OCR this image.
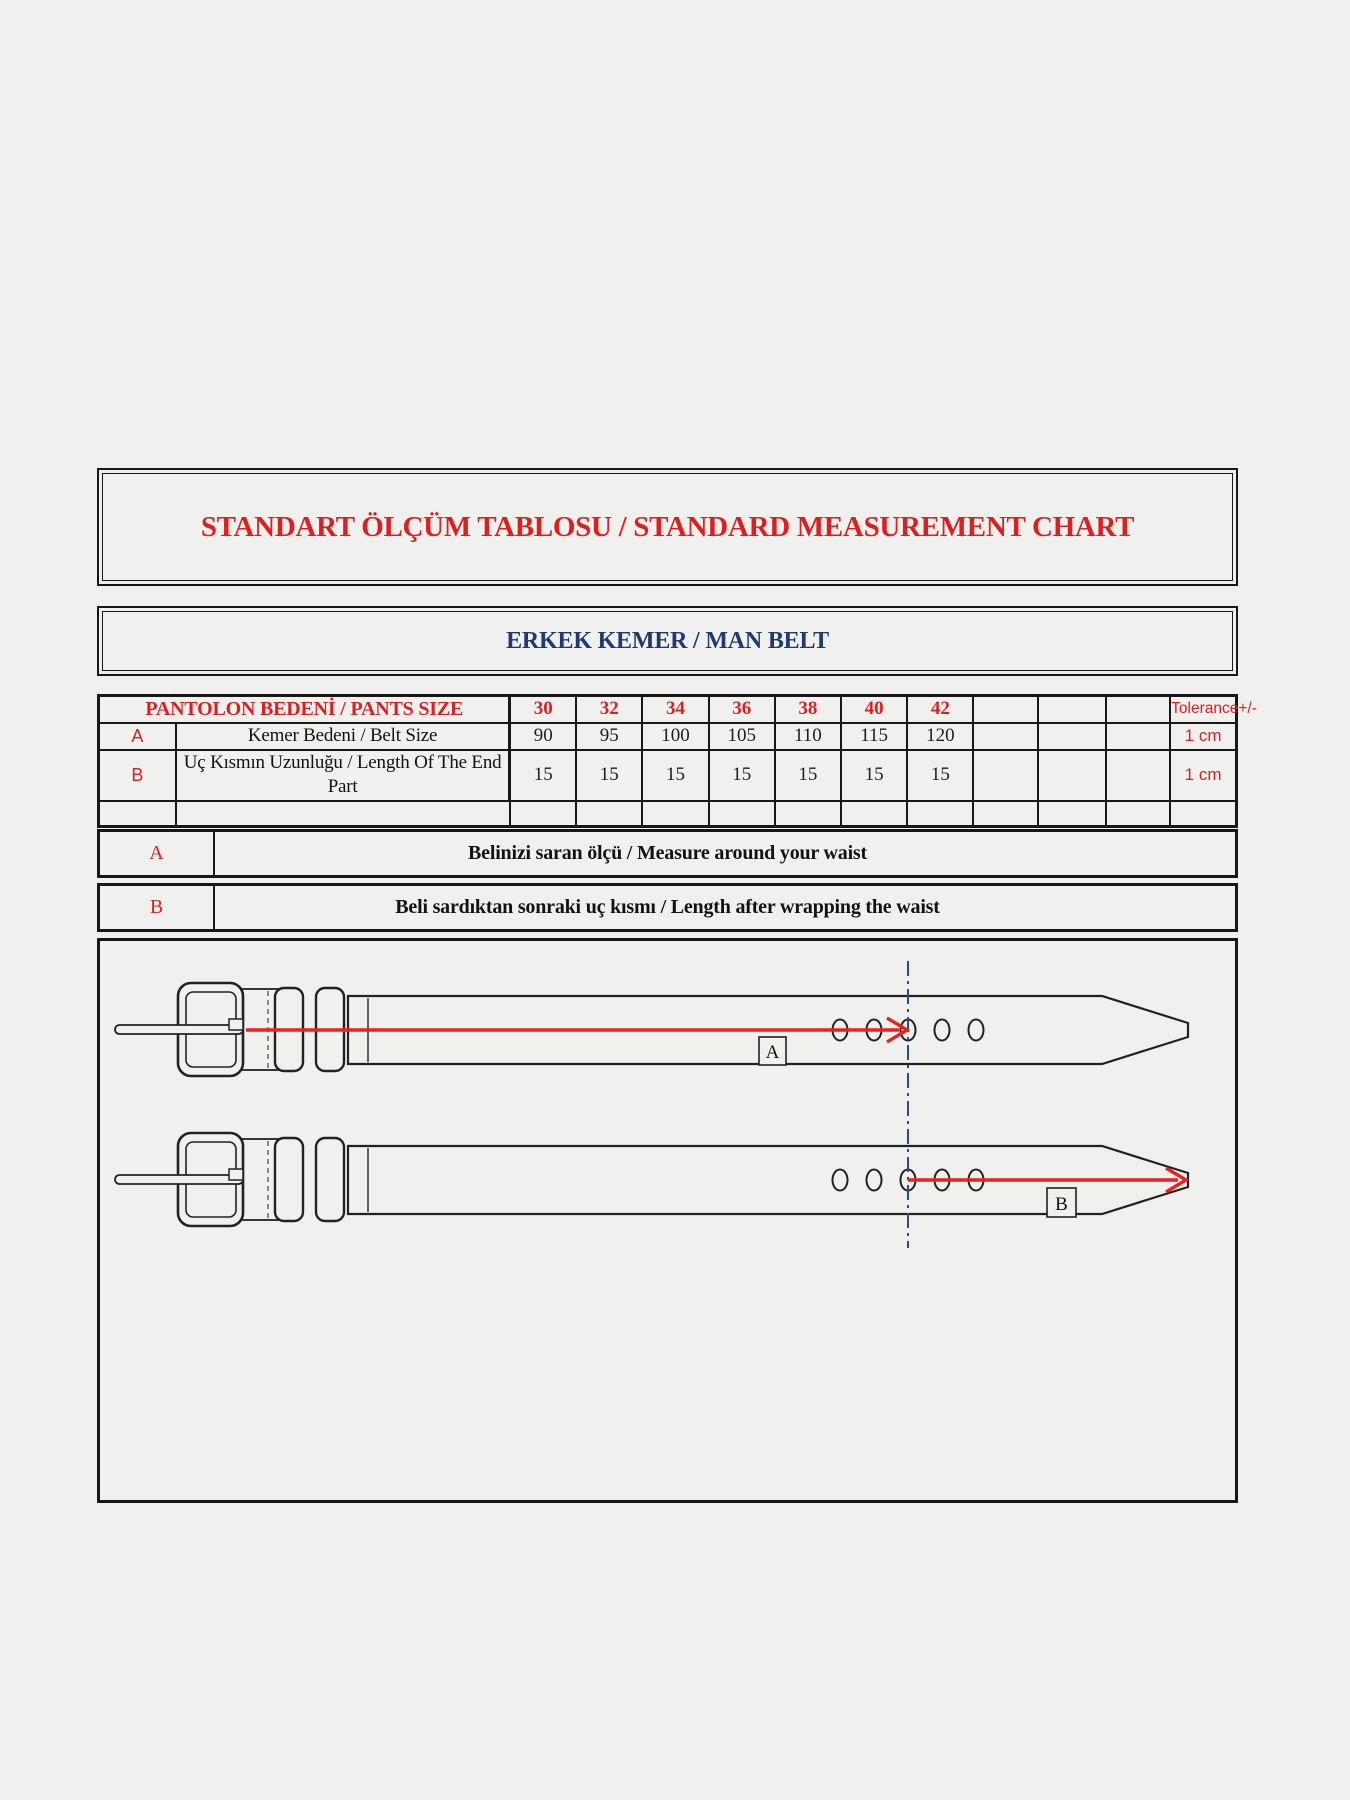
STANDART ÖLÇÜM TABLOSU / STANDARD MEASUREMENT CHART
ERKEK KEMER / MAN BELT
PANTOLON BEDENİ / PANTS SIZE		30	32	34	36	38	40	42				Tolerance+/-
A	Kemer Bedeni / Belt Size	90	95	100	105	110	115	120				1 cm
B	Uç Kısmın Uzunluğu / Length Of The End Part	15	15	15	15	15	15	15				1 cm

A	Belinizi saran ölçü / Measure around your waist
B	Beli sardıktan sonraki uç kısmı / Length after wrapping the waist
A
B
